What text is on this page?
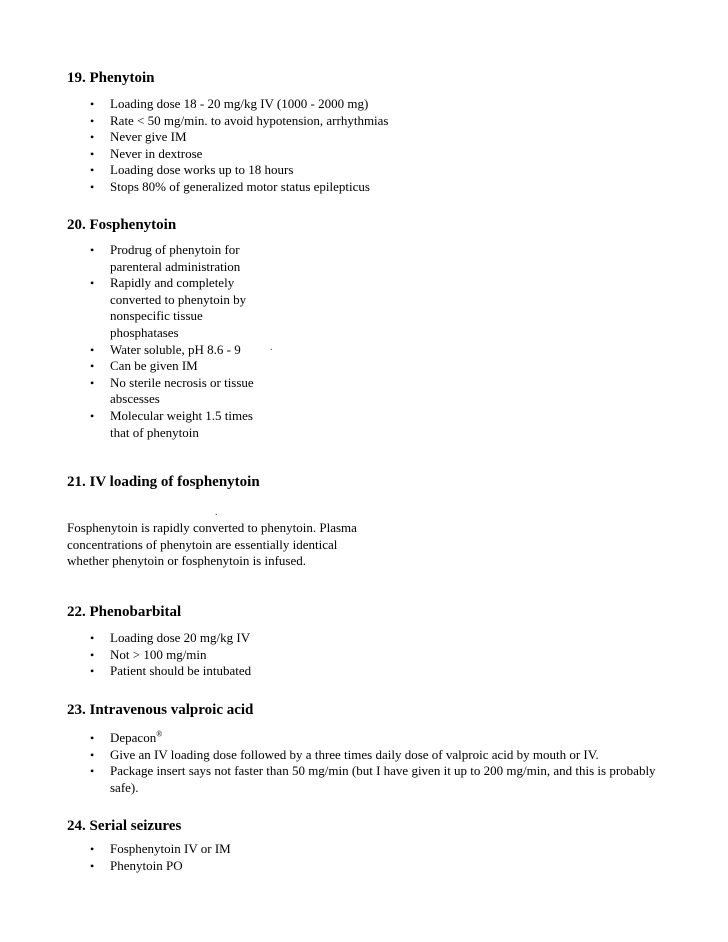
19. Phenytoin
• Loading dose 18 - 20 mg/kg IV (1000 - 2000 mg)
• Rate < 50 mg/min. to avoid hypotension, arrhythmias
• Never give IM
• Never in dextrose
• Loading dose works up to 18 hours
• Stops 80% of generalized motor status epilepticus
20. Fosphenytoin
• Prodrug of phenytoin for parenteral administration
• Rapidly and completely converted to phenytoin by nonspecific tissue phosphatases
• Water soluble, pH 8.6 - 9
• Can be given IM
• No sterile necrosis or tissue abscesses
• Molecular weight 1.5 times that of phenytoin
.
21. IV loading of fosphenytoin
.

Fosphenytoin is rapidly converted to phenytoin. Plasma concentrations of phenytoin are essentially identical whether phenytoin or fosphenytoin is infused.

22. Phenobarbital
• Loading dose 20 mg/kg IV
• Not > 100 mg/min
• Patient should be intubated
23. Intravenous valproic acid
• Depacon®
• Give an IV loading dose followed by a three times daily dose of valproic acid by mouth or IV.
• Package insert says not faster than 50 mg/min (but I have given it up to 200 mg/min, and this is probably safe).
24. Serial seizures
• Fosphenytoin IV or IM
• Phenytoin PO
